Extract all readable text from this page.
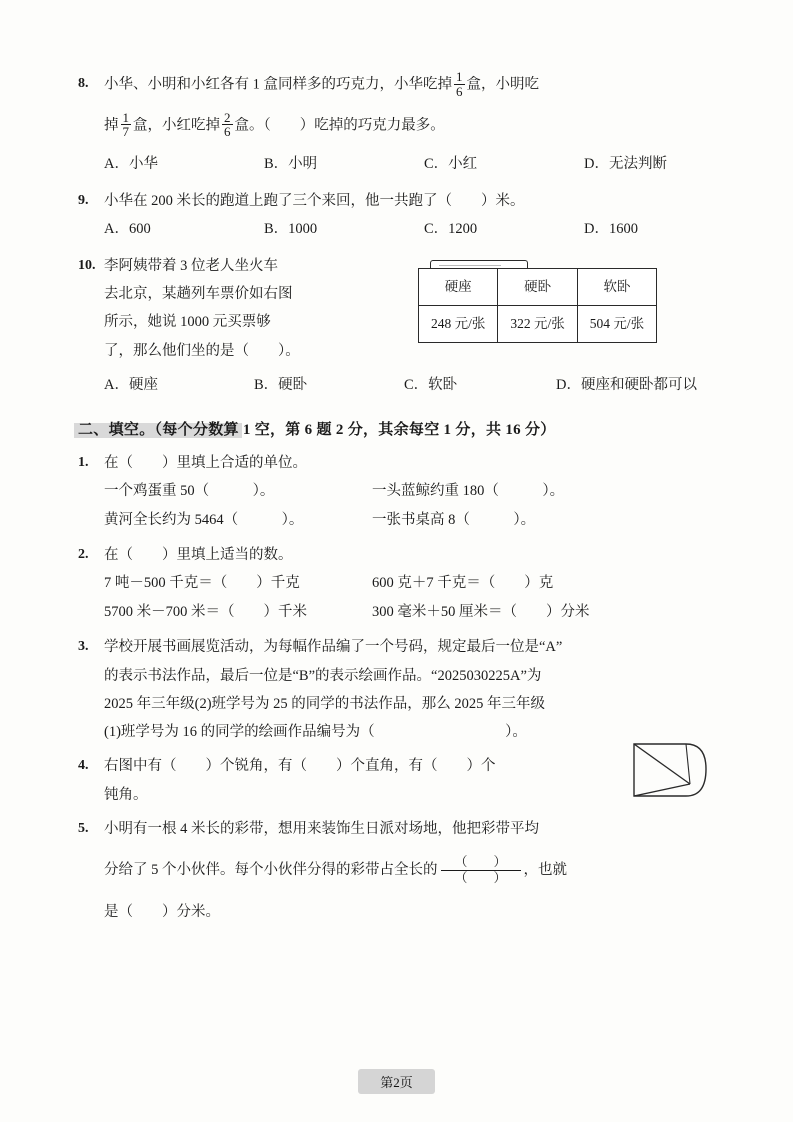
8. 小华、小明和小红各有 1 盒同样多的巧克力，小华吃掉 $\frac{1}{6}$ 盒，小明吃
掉 $\frac{1}{7}$ 盒，小红吃掉 $\frac{2}{6}$ 盒。（　　）吃掉的巧克力最多。
A．小华	B．小明	C．小红	D．无法判断
9. 小华在 200 米长的跑道上跑了三个来回，他一共跑了（　　）米。
A．600	B．1000	C．1200	D．1600
10. 李阿姨带着 3 位老人坐火车
去北京，某趟列车票价如右图
所示，她说 1000 元买票够
了，那么他们坐的是（　　）。
硬座	硬卧	软卧
248 元/张	322 元/张	504 元/张
A．硬座	B．硬卧	C．软卧	D．硬座和硬卧都可以
二、填空。（每个分数算 1 空，第 6 题 2 分，其余每空 1 分，共 16 分）
1. 在（　　）里填上合适的单位。
一个鸡蛋重 50（　　　）。	一头蓝鲸约重 180（　　　）。
黄河全长约为 5464（　　　）。	一张书桌高 8（　　　）。
2. 在（　　）里填上适当的数。
7 吨－500 千克＝（　　）千克	600 克＋7 千克＝（　　）克
5700 米－700 米＝（　　）千米	300 毫米＋50 厘米＝（　　）分米
3. 学校开展书画展览活动，为每幅作品编了一个号码，规定最后一位是“A”
的表示书法作品，最后一位是“B”的表示绘画作品。“2025030225A”为
2025 年三年级(2)班学号为 25 的同学的书法作品，那么 2025 年三年级
(1)班学号为 16 的同学的绘画作品编号为（　　　　　　　　　）。
4. 右图中有（　　）个锐角，有（　　）个直角，有（　　）个
钝角。
5. 小明有一根 4 米长的彩带，想用来装饰生日派对场地，他把彩带平均
分给了 5 个小伙伴。每个小伙伴分得的彩带占全长的 $\frac{( )}{( )}$ ，也就
是（　　）分米。
第2页
